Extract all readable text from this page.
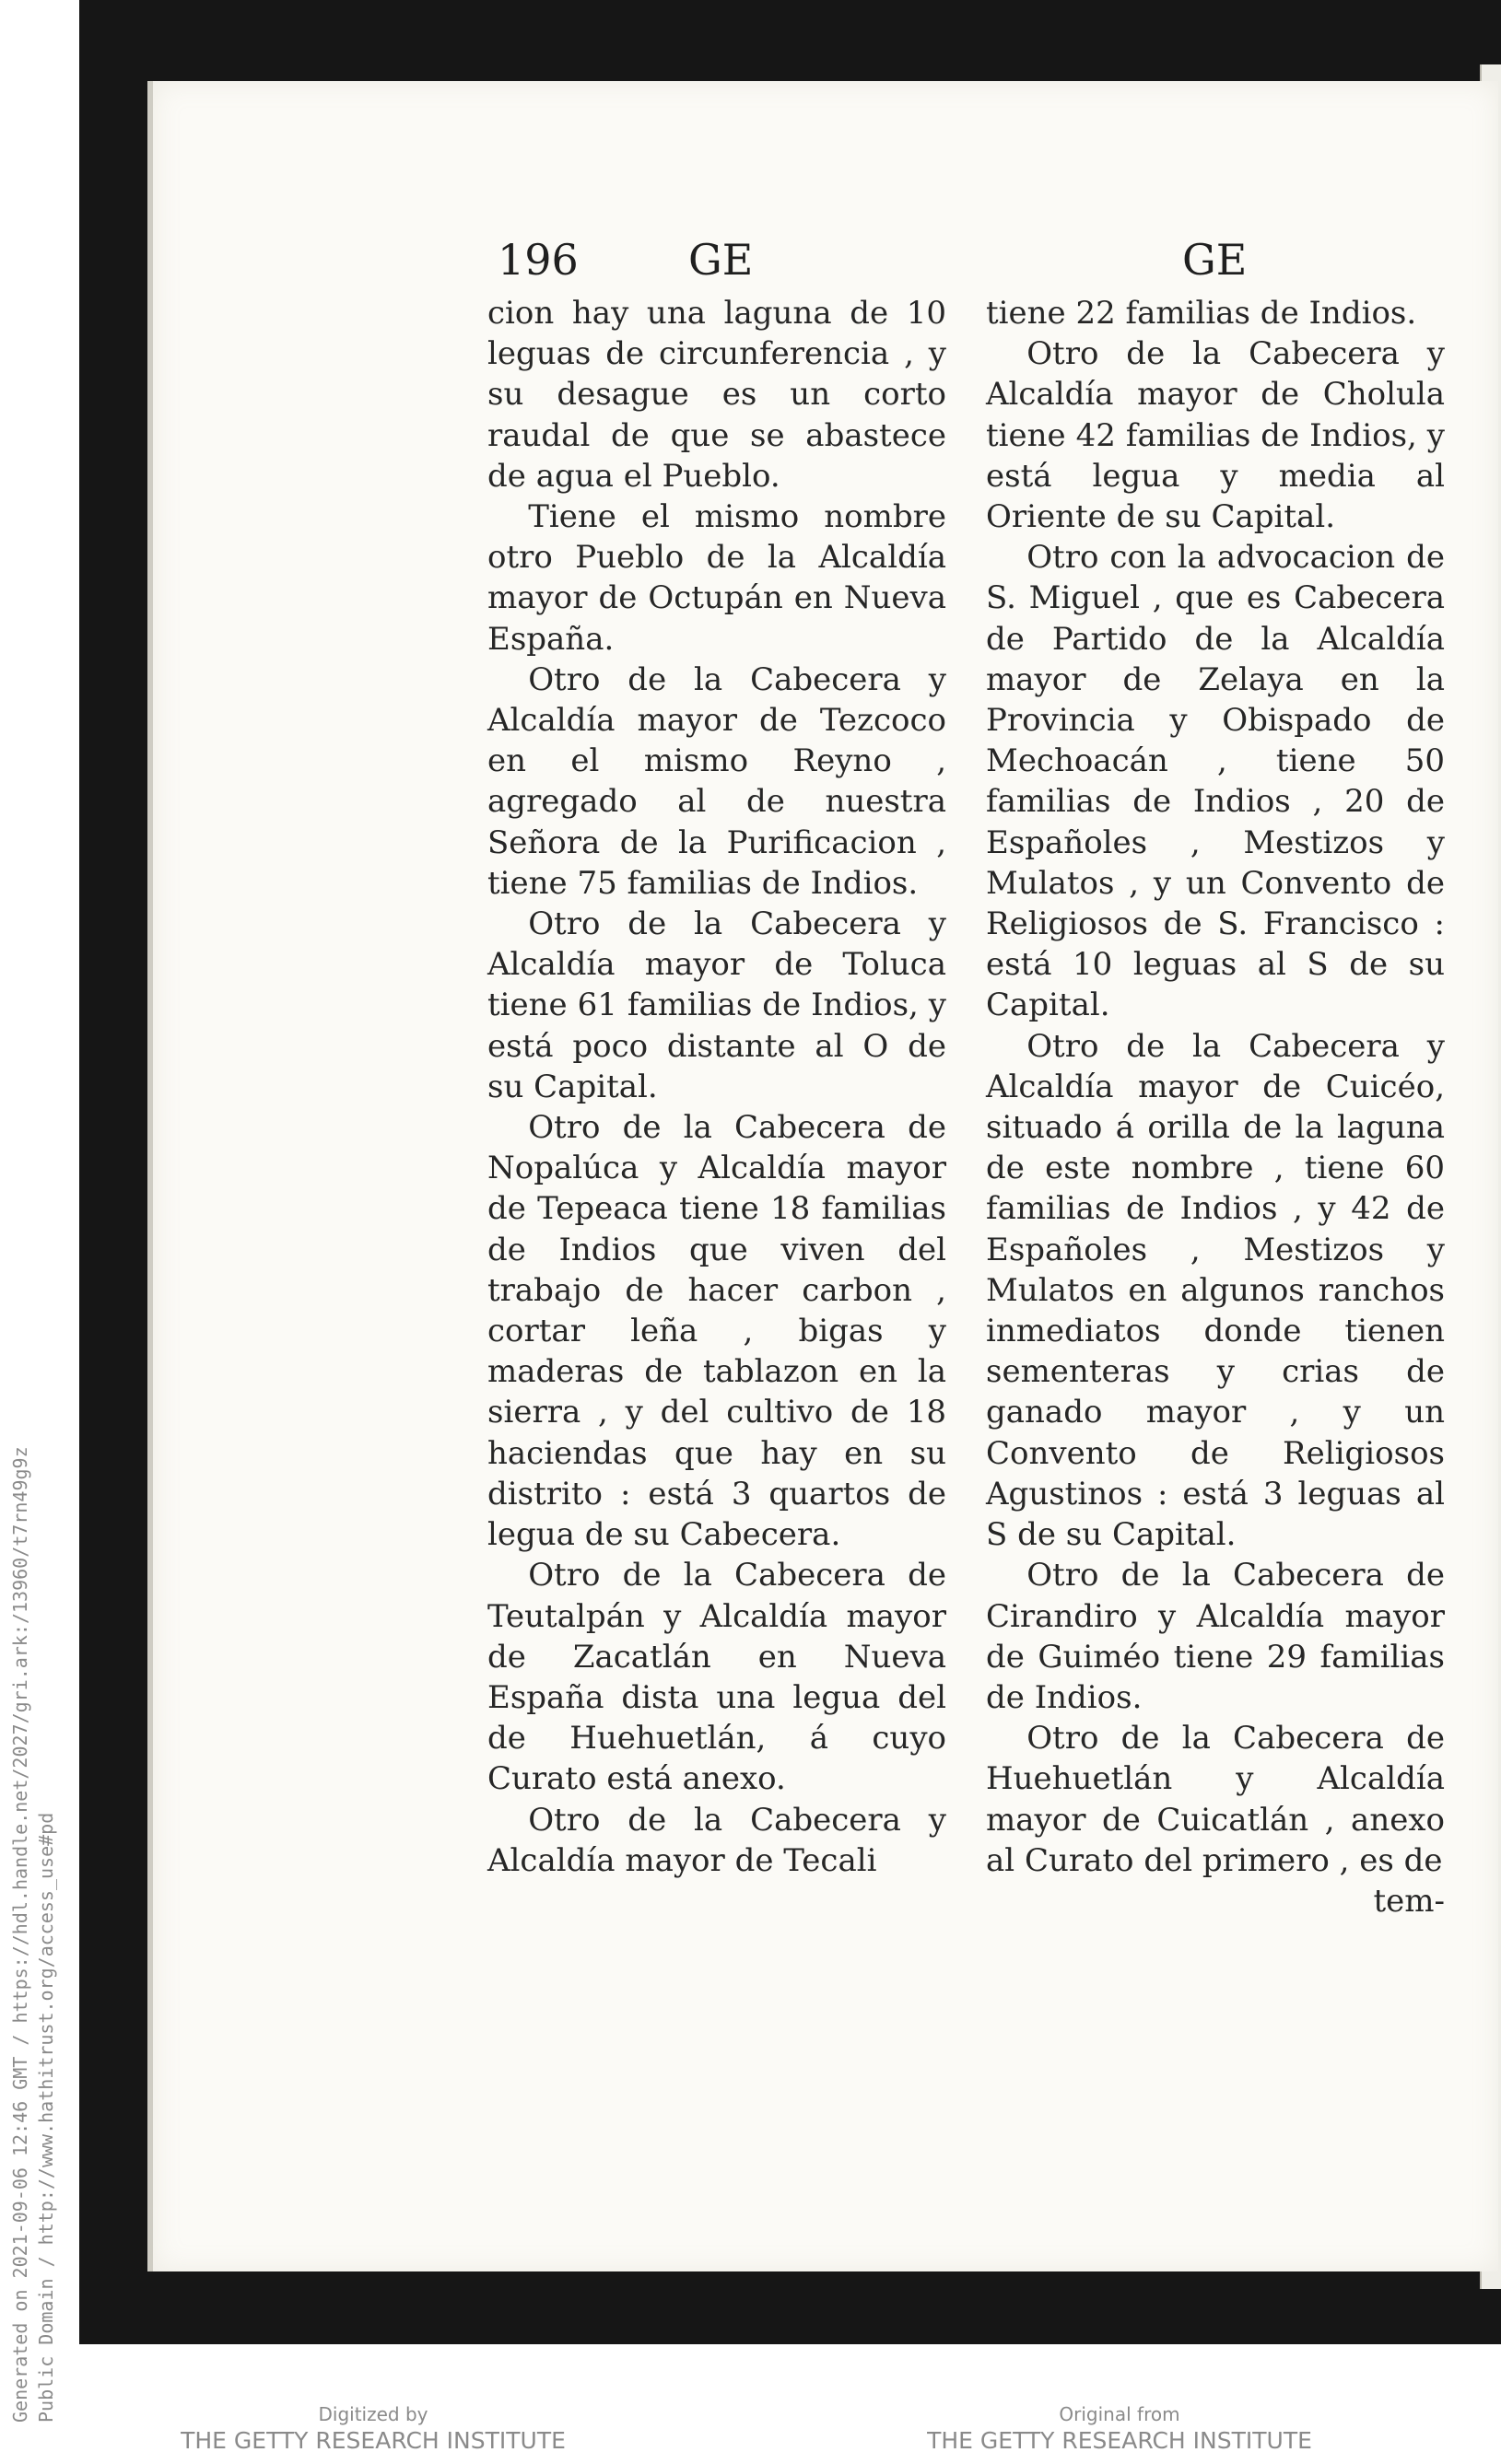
Generated on 2021-09-06 12:46 GMT / https://hdl.handle.net/2027/gri.ark:/13960/t7rn49g9z Public Domain / http://www.hathitrust.org/access_use#pd
196	GE	GE

cion hay una laguna de 10 leguas de circunferencia , y su desague es un corto raudal de que se abastece de agua el Pueblo.

Tiene el mismo nombre otro Pueblo de la Alcaldía mayor de Octupán en Nueva España.

Otro de la Cabecera y Alcaldía mayor de Tezcoco en el mismo Reyno , agregado al de nuestra Señora de la Purificacion , tiene 75 familias de Indios.

Otro de la Cabecera y Alcaldía mayor de Toluca tiene 61 familias de Indios, y está poco distante al O de su Capital.

Otro de la Cabecera de Nopalúca y Alcaldía mayor de Tepeaca tiene 18 familias de Indios que viven del trabajo de hacer carbon , cortar leña , bigas y maderas de tablazon en la sierra , y del cultivo de 18 haciendas que hay en su distrito : está 3 quartos de legua de su Cabecera.

Otro de la Cabecera de Teutalpán y Alcaldía mayor de Zacatlán en Nueva España dista una legua del de Huehuetlán, á cuyo Curato está anexo.

Otro de la Cabecera y Alcaldía mayor de Tecali

tiene 22 familias de Indios.

Otro de la Cabecera y Alcaldía mayor de Cholula tiene 42 familias de Indios, y está legua y media al Oriente de su Capital.

Otro con la advocacion de S. Miguel , que es Cabecera de Partido de la Alcaldía mayor de Zelaya en la Provincia y Obispado de Mechoacán , tiene 50 familias de Indios , 20 de Españoles , Mestizos y Mulatos , y un Convento de Religiosos de S. Francisco : está 10 leguas al S de su Capital.

Otro de la Cabecera y Alcaldía mayor de Cuicéo, situado á orilla de la laguna de este nombre , tiene 60 familias de Indios , y 42 de Españoles , Mestizos y Mulatos en algunos ranchos inmediatos donde tienen sementeras y crias de ganado mayor , y un Convento de Religiosos Agustinos : está 3 leguas al S de su Capital.

Otro de la Cabecera de Cirandiro y Alcaldía mayor de Guiméo tiene 29 familias de Indios.

Otro de la Cabecera de Huehuetlán y Alcaldía mayor de Cuicatlán , anexo al Curato del primero , es de

tem-

Digitized by
THE GETTY RESEARCH INSTITUTE
Original from
THE GETTY RESEARCH INSTITUTE
